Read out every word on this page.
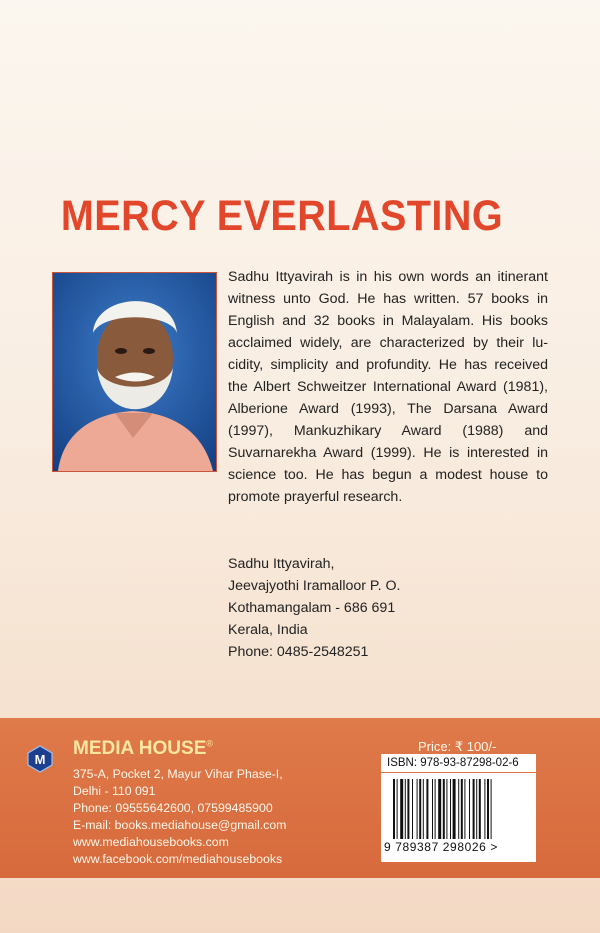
MERCY EVERLASTING
Sadhu Ittyavirah is in his own words an itinerant witness unto God. He has written. 57 books in English and 32 books in Malayalam. His books acclaimed widely, are characterized by their lu-cidity, simplicity and profundity. He has received the Albert Schweitzer International Award (1981), Alberione Award (1993), The Darsana Award (1997), Mankuzhikary Award (1988) and Suvarnarekha Award (1999). He is interested in science too. He has begun a modest house to promote prayerful research.
Sadhu Ittyavirah,
Jeevajyothi Iramalloor P. O.
Kothamangalam - 686 691
Kerala, India
Phone: 0485-2548251
M
MEDIA HOUSE®
375-A, Pocket 2, Mayur Vihar Phase-I,
Delhi - 110 091
Phone: 09555642600, 07599485900
E-mail: books.mediahouse@gmail.com
www.mediahousebooks.com
www.facebook.com/mediahousebooks
Price: ₹ 100/-
ISBN: 978-93-87298-02-6
9 789387 298026 >
